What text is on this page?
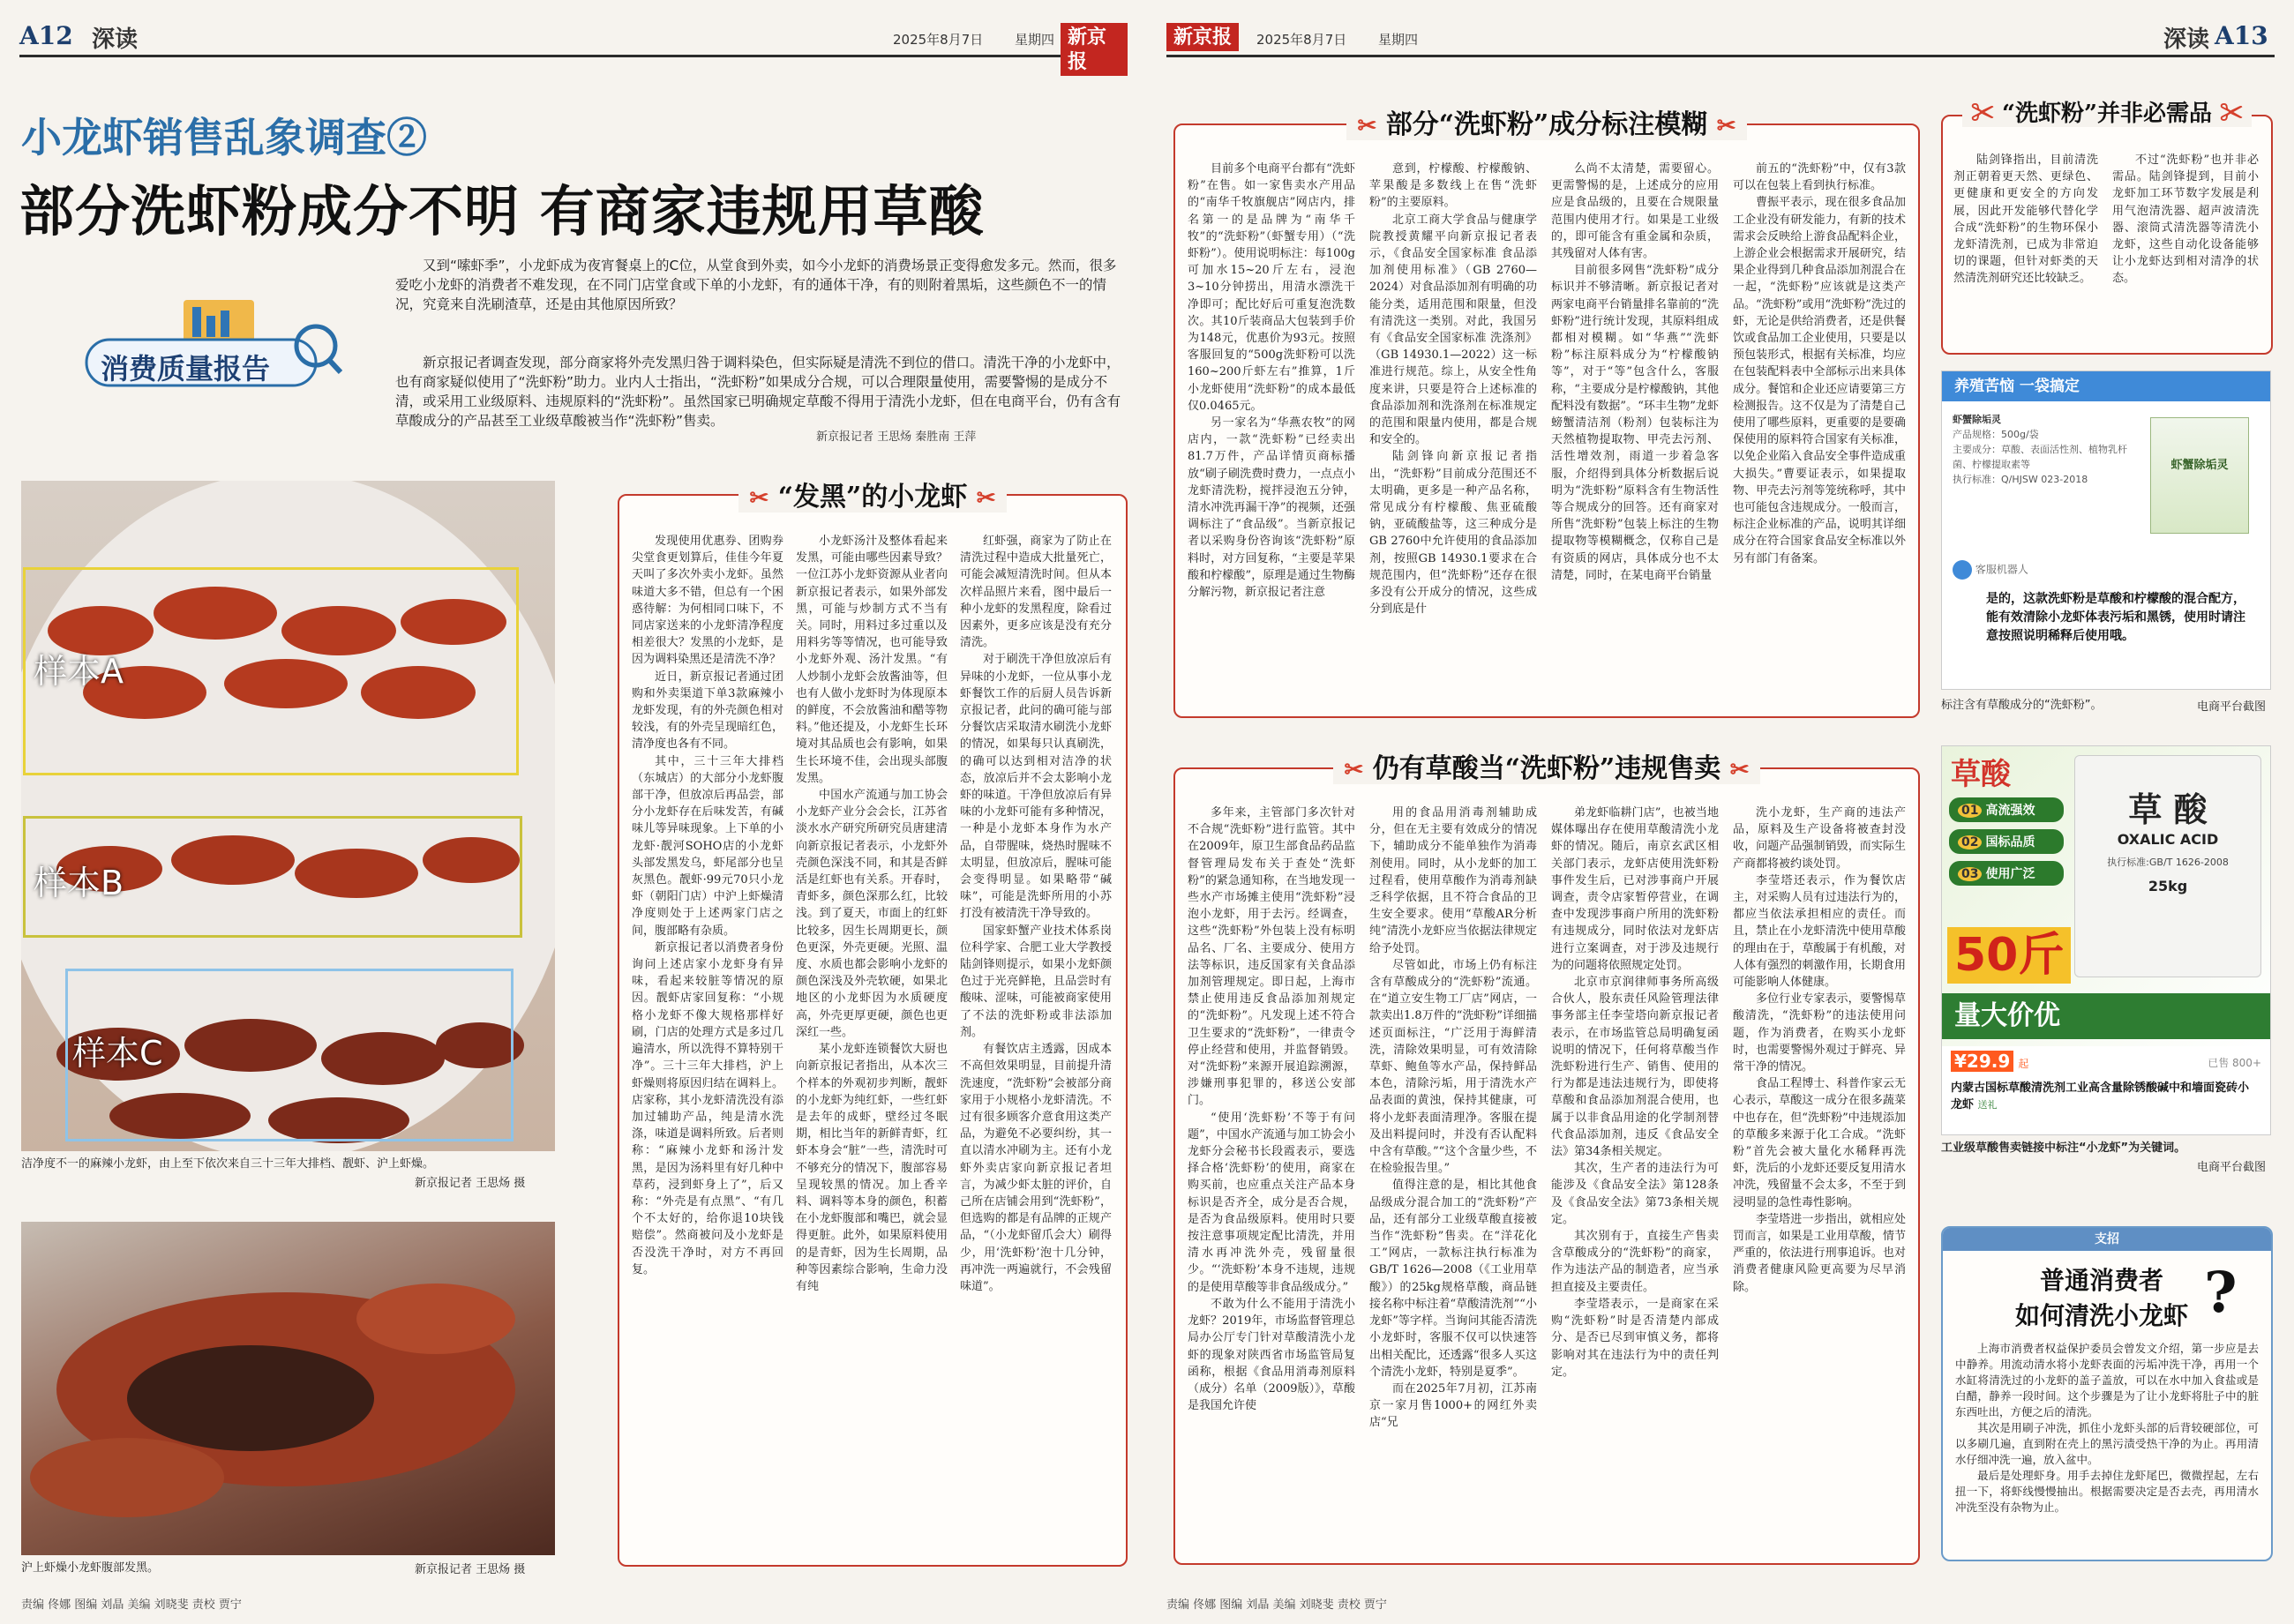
A12 深读	2025年8月7日 星期四 新京报
小龙虾销售乱象调查②
部分洗虾粉成分不明 有商家违规用草酸
消费质量报告
又到“嗦虾季”，小龙虾成为夜宵餐桌上的C位，从堂食到外卖，如今小龙虾的消费场景正变得愈发多元。然而，很多爱吃小龙虾的消费者不难发现，在不同门店堂食或下单的小龙虾，有的通体干净，有的则附着黑垢，这些颜色不一的情况，究竟来自洗刷渣草，还是由其他原因所致？
新京报记者调查发现，部分商家将外壳发黑归咎于调料染色，但实际疑是清洗不到位的借口。清洗干净的小龙虾中，也有商家疑似使用了“洗虾粉”助力。业内人士指出，“洗虾粉”如果成分合规，可以合理限量使用，需要警惕的是成分不清，或采用工业级原料、违规原料的“洗虾粉”。虽然国家已明确规定草酸不得用于清洗小龙虾，但在电商平台，仍有含有草酸成分的产品甚至工业级草酸被当作“洗虾粉”售卖。
新京报记者 王思炀 秦胜南 王萍
样本A
样本B
样本C
洁净度不一的麻辣小龙虾，由上至下依次来自三十三年大排档、靓虾、沪上虾燥。
新京报记者 王思炀 摄
沪上虾燥小龙虾腹部发黑。	新京报记者 王思炀 摄
✂ “发黑”的小龙虾 ✂

发现使用优惠券、团购券尖堂食更划算后，佳佳今年夏天叫了多次外卖小龙虾。虽然味道大多不错，但总有一个困惑待解：为何相同口味下，不同店家送来的小龙虾清净程度相差很大？发黑的小龙虾，是因为调料染黑还是清洗不净？

近日，新京报记者通过团购和外卖渠道下单3款麻辣小龙虾发现，有的外壳颜色相对较浅，有的外壳呈现暗红色，清净度也各有不同。

其中，三十三年大排档（东城店）的大部分小龙虾腹部干净，但放凉后再品尝，部分小龙虾存在后味发苦，有碱味儿等异味现象。上下单的小龙虾·靓河SOHO店的小龙虾头部发黑发乌，虾尾部分也呈灰黑色。靓虾·99元70只小龙虾（朝阳门店）中沪上虾燥清净度则处于上述两家门店之间，腹部略有杂质。

新京报记者以消费者身份询问上述店家小龙虾身有异味，看起来较脏等情况的原因。靓虾店家回复称：“小规格小龙虾不像大规格那样好刷，门店的处理方式是多过几遍清水，所以洗得不算特别干净”。三十三年大排档，沪上虾燥则将原因归结在调料上。店家称，其小龙虾清洗没有添加过辅助产品，纯是清水洗涤，味道是调料所致。后者则称：“麻辣小龙虾和汤汁发黑，是因为汤料里有好几种中草药，浸到虾身上了”，后又称：“外壳是有点黑”、“有几个不太好的，给你退10块钱赔偿”。然商被问及小龙虾是否没洗干净时，对方不再回复。

小龙虾汤汁及整体看起来发黑，可能由哪些因素导致？一位江苏小龙虾资源从业者向新京报记者表示，如果外部发黑，可能与炒制方式不当有关。同时，用料过多过重以及用料劣等等情况，也可能导致小龙虾外观、汤汁发黑。“有人炒制小龙虾会放酱油等，但也有人做小龙虾时为体现原本的鲜度，不会放酱油和醋等物料。”他还提及，小龙虾生长环境对其品质也会有影响，如果生长环境不佳，会出现头部腹发黑。

中国水产流通与加工协会小龙虾产业分会会长，江苏省淡水水产研究所研究员唐建清向新京报记者表示，小龙虾外壳颜色深浅不同，和其是否鲜活是红虾也有关系。开春时，青虾多，颜色深那么红，比较浅。到了夏天，市面上的红虾比较多，因生长周期更长，颜色更深，外壳更硬。光照、温度、水质也都会影响小龙虾的颜色深浅及外壳软硬，如果北地区的小龙虾因为水质硬度高，外壳更厚更硬，颜色也更深红一些。

某小龙虾连锁餐饮大厨也向新京报记者指出，从本次三个样本的外观初步判断，靓虾的小龙虾为纯红虾，一些红虾是去年的成虾，壁经过冬眠期，相比当年的新鲜青虾，红虾本身会“脏”一些，清洗时可不够充分的情况下，腹部容易呈现较黑的情况。加上香辛料、调料等本身的颜色，积蓄在小龙虾腹部和嘴巴，就会显得更脏。此外，如果原料使用的是青虾，因为生长周期，品种等因素综合影响，生命力没有纯

红虾强，商家为了防止在清洗过程中造成大批量死亡，可能会减短清洗时间。但从本次样品照片来看，图中最后一种小龙虾的发黑程度，除看过因素外，更多应该是没有充分清洗。

对于刷洗干净但放凉后有异味的小龙虾，一位从事小龙虾餐饮工作的后厨人员告诉新京报记者，此问的确可能与部分餐饮店采取清水刷洗小龙虾的情况，如果每只认真刷洗，的确可以达到相对洁净的状态，放凉后并不会太影响小龙虾的味道。干净但放凉后有异味的小龙虾可能有多种情况，一种是小龙虾本身作为水产品，自带腥味，烧热时腥味不太明显，但放凉后，腥味可能会变得明显。如果略带“碱味”，可能是洗虾所用的小苏打没有被清洗干净导致的。

国家虾蟹产业技术体系岗位科学家、合肥工业大学教授陆剑锋则提示，如果小龙虾颜色过于光亮鲜艳，且品尝时有酸味、涩味，可能被商家使用了不法的洗虾粉或非法添加剂。

有餐饮店主透露，因成本不高但效果明显，目前提升清洗速度，“洗虾粉”会被部分商家用于小规格小龙虾清洗。不过有很多顾客介意食用这类产品，为避免不必要纠纷，其一直以清水冲刷为主。还有小龙虾外卖店家向新京报记者坦言，为减少虾太脏的评价，自己所在店铺会用到“洗虾粉”，但选购的都是有品牌的正规产品，“（小龙虾留爪会大）刷得少，用‘洗虾粉’泡十几分钟，再冲洗一两遍就行，不会残留味道”。

责编 佟娜 图编 刘晶 美编 刘晓斐 责校 贾宁
新京报	2025年8月7日 星期四	深读 A13
✂ 部分“洗虾粉”成分标注模糊 ✂

目前多个电商平台都有“洗虾粉”在售。如一家售卖水产用品的“南华千牧旗舰店”网店内，排名第一的是品牌为“南华千牧”的“洗虾粉”（虾蟹专用）（“洗虾粉”）。使用说明标注：每100g可加水15~20斤左右，浸泡3~10分钟捞出，用清水漂洗干净即可；配比好后可重复泡洗数次。其10斤装商品大包装到手价为148元，优惠价为93元。按照客服回复的“500g洗虾粉可以洗160~200斤虾左右”推算，1斤小龙虾使用“洗虾粉”的成本最低仅0.0465元。

另一家名为“华燕农牧”的网店内，一款“洗虾粉”已经卖出81.7万件，产品详情页商标播放“刷子刷洗费时费力，一点点小龙虾清洗粉，搅拌浸泡五分钟，清水冲洗再漏干净”的视频，还强调标注了“食品级”。当新京报记者以采购身份咨询该“洗虾粉”原料时，对方回复称，“主要是苹果酸和柠檬酸”，原理是通过生物酶分解污物，新京报记者注意

意到，柠檬酸、柠檬酸钠、苹果酸是多数线上在售“洗虾粉”的主要原料。

北京工商大学食品与健康学院教授黄耀平向新京报记者表示，《食品安全国家标准 食品添加剂使用标准》（GB 2760—2024）对食品添加剂有明确的功能分类，适用范围和限量，但没有清洗这一类别。对此，我国另有《食品安全国家标准 洗涤剂》（GB 14930.1—2022）这一标准进行规范。综上，从安全性角度来讲，只要是符合上述标准的食品添加剂和洗涤剂在标准规定的范围和限量内使用，都是合规和安全的。

陆剑锋向新京报记者指出，“洗虾粉”目前成分范围还不太明确，更多是一种产品名称，常见成分有柠檬酸、焦亚硫酸钠，亚硫酸盐等，这三种成分是GB 2760中允许使用的食品添加剂，按照GB 14930.1要求在合规范围内，但“洗虾粉”还存在很多没有公开成分的情况，这些成分到底是什

么尚不太清楚，需要留心。更需警惕的是，上述成分的应用应是食品级的，且要在合规限量范围内使用才行。如果是工业级的，即可能含有重金属和杂质，其残留对人体有害。

目前很多网售“洗虾粉”成分标识并不够清晰。新京报记者对两家电商平台销量排名靠前的“洗虾粉”进行统计发现，其原料组成都相对模糊。如“华燕”“洗虾粉”标注原料成分为“柠檬酸钠等”，对于“等”包含什么，客服称，“主要成分是柠檬酸钠，其他配料没有数据”。“环丰生物”龙虾螃蟹清洁剂（粉剂）包装标注为天然植物提取物、甲壳去污剂、活性增效剂，雨道一步着急客服，介绍得到具体分析数据后说明为“洗虾粉”原料含有生物活性等合规成分的回答。还有商家对所售“洗虾粉”包装上标注的生物提取物等模糊概念，仅称自己是有资质的网店，具体成分也不太清楚，同时，在某电商平台销量

前五的“洗虾粉”中，仅有3款可以在包装上看到执行标准。

曹振平表示，现在很多食品加工企业没有研发能力，有新的技术需求会反映给上游食品配料企业，上游企业会根据需求开展研究，结果企业得到几种食品添加剂混合在一起，“洗虾粉”应该就是这类产品。“洗虾粉”或用“洗虾粉”洗过的虾，无论是供给消费者，还是供餐饮或食品加工企业使用，只要是以预包装形式，根据有关标准，均应在包装配料表中全部标示出来具体成分。餐馆和企业还应请要第三方检测报告。这不仅是为了清楚自己使用了哪些原料，更重要的是要确保使用的原料符合国家有关标准，以免企业陷入食品安全事件造成重大损失。”曹要证表示，如果提取物、甲壳去污剂等笼统称呼，其中也可能包含违规成分。一般而言，标注企业标准的产品，说明其详细成分在符合国家食品安全标准以外另有部门有备案。

✂ 仍有草酸当“洗虾粉”违规售卖 ✂

多年来，主管部门多次针对不合规“洗虾粉”进行监管。其中在2009年，原卫生部食品药品监督管理局发布关于查处“洗虾粉”的紧急通知称，在当地发现一些水产市场摊主使用“洗虾粉”浸泡小龙虾，用于去污。经调查，这些“洗虾粉”外包装上没有标明品名、厂名、主要成分、使用方法等标识，违反国家有关食品添加剂管理规定。即日起，上海市禁止使用违反食品添加剂规定的“洗虾粉”。凡发现上述不符合卫生要求的“洗虾粉”，一律责令停止经营和使用，并监督销毁。对“洗虾粉”来源开展追踪溯源，涉嫌刑事犯罪的，移送公安部门。

“使用‘洗虾粉’不等于有问题”，中国水产流通与加工协会小龙虾分会秘书长段霞表示，要选择合格‘洗虾粉’的使用，商家在购买前，也应重点关注产品本身标识是否齐全，成分是否合规，是否为食品级原料。使用时只要按注意事项规定配比清洗，并用清水再冲洗外壳，残留量很少。“‘洗虾粉’本身不违规，违规的是使用草酸等非食品级成分。”

不敢为什么不能用于清洗小龙虾？2019年，市场监督管理总局办公厅专门针对草酸清洗小龙虾的现象对陕西省市场监管局复函称，根据《食品用消毒剂原料（成分）名单（2009版）》，草酸是我国允许使

用的食品用消毒剂辅助成分，但在无主要有效成分的情况下，辅助成分不能单独作为消毒剂使用。同时，从小龙虾的加工过程看，使用草酸作为消毒剂缺乏科学依据，且不符合食品的卫生安全要求。使用“草酸AR分析纯”清洗小龙虾应当依据法律规定给予处罚。

尽管如此，市场上仍有标注含有草酸成分的“洗虾粉”流通。在“道立安生物工厂店”网店，一款卖出1.8万件的“洗虾粉”详细描述页面标注，“广泛用于海鲜清洗，清除效果明显，可有效清除草虾、鲍鱼等水产品，保持鲜品本色，清除污垢，用于清洗水产品表面的黄浊，保持其健康，可将小龙虾表面清理净。客服在提及出料提问时，并没有否认配料中含有草酸。”“这个含量少些，不在检验报告里。”

值得注意的是，相比其他食品级成分混合加工的“洗虾粉”产品，还有部分工业级草酸直接被当作“洗虾粉”售卖。在“洋花化工”网店，一款标注执行标准为GB/T 1626—2008（《工业用草酸》）的25kg规格草酸，商品链接名称中标注着“草酸清洗剂”“小龙虾”等字样。当询问其能否清洗小龙虾时，客服不仅可以快速答出相关配比，还透露“很多人买这个清洗小龙虾，特别是夏季”。

而在2025年7月初，江苏南京一家月售1000+的网红外卖店“兄

弟龙虾临耕门店”，也被当地媒体曝出存在使用草酸清洗小龙虾的情况。随后，南京玄武区相关部门表示，龙虾店使用洗虾粉事件发生后，已对涉事商户开展调查，责令店家暂停营业，在调查中发现涉事商户所用的洗虾粉有违规成分，同时依法对龙虾店进行立案调查，对于涉及违规行为的问题将依照规定处罚。

北京市京润律师事务所高级合伙人，股东责任风险管理法律事务部主任李莹塔向新京报记者表示，在市场监管总局明确复函说明的情况下，任何将草酸当作洗虾粉进行生产、销售、使用的行为都是违法违规行为，即使将草酸和食品添加剂混合使用，也属于以非食品用途的化学制剂替代食品添加剂，违反《食品安全法》第34条相关规定。

其次，生产者的违法行为可能涉及《食品安全法》第128条及《食品安全法》第73条相关规定。

其次别有于，直接生产售卖含草酸成分的“洗虾粉”的商家，作为违法产品的制造者，应当承担直接及主要责任。

李莹塔表示，一是商家在采购“洗虾粉”时是否清楚内部成分、是否已尽到审慎义务，都将影响对其在违法行为中的责任判定。

洗小龙虾，生产商的违法产品，原料及生产设备将被查封没收，问题产品强制销毁，而实际生产商都将被约谈处罚。

李莹塔还表示，作为餐饮店主，对采购人员有过违法行为的，都应当依法承担相应的责任。而且，禁止在小龙虾清洗中使用草酸的理由在于，草酸属于有机酸，对人体有强烈的刺激作用，长期食用可能影响人体健康。

多位行业专家表示，要警惕草酸清洗，“洗虾粉”的违法使用问题，作为消费者，在购买小龙虾时，也需要警惕外观过于鲜亮、异常干净的情况。

食品工程博士、科普作家云无心表示，草酸这一成分在很多蔬菜中也存在，但“洗虾粉”中违规添加的草酸多来源于化工合成。“洗虾粉”首先会被大量化水稀释再洗虾，洗后的小龙虾还要反复用清水冲洗，残留量不会太多，不至于到浸明显的急性毒性影响。

李莹塔进一步指出，就相应处罚而言，如果是工业用草酸，情节严重的，依法进行刑事追诉。也对消费者健康风险更高要为尽早消除。

✂ “洗虾粉”并非必需品 ✂

陆剑锋指出，目前清洗剂正朝着更天然、更绿色、更健康和更安全的方向发展，因此开发能够代替化学合成“洗虾粉”的生物环保小龙虾清洗剂，已成为非常迫切的课题，但针对虾类的天然清洗剂研究还比较缺乏。

不过“洗虾粉”也并非必需品。陆剑锋提到，目前小龙虾加工环节数字发展是利用气泡清洗器、超声波清洗器、滚筒式清洗器等清洗小龙虾，这些自动化设备能够让小龙虾达到相对清净的状态。

养殖苦恼 一袋搞定
虾蟹除垢灵
产品规格：500g/袋
主要成分：草酸、表面活性剂、植物乳杆菌、柠檬提取素等
执行标准：Q/HJSW 023-2018
虾蟹除垢灵
客服机器人
是的，这款洗虾粉是草酸和柠檬酸的混合配方，能有效清除小龙虾体表污垢和黑锈，使用时请注意按照说明稀释后使用哦。
标注含有草酸成分的“洗虾粉”。	电商平台截图
草酸
01 高流强效
02 国标品质
03 使用广泛
草 酸
OXALIC ACID
执行标准:GB/T 1626-2008
25kg
50斤
量大价优
¥29.9 起	已售 800+
内蒙古国标草酸清洗剂工业高含量除锈酸碱中和墙面瓷砖小龙虾 送礼
工业级草酸售卖链接中标注“小龙虾”为关键词。
电商平台截图
支招
普通消费者
如何清洗小龙虾 ?

上海市消费者权益保护委员会曾发文介绍，第一步应是去中静养。用流动清水将小龙虾表面的污垢冲洗干净，再用一个水缸将清洗过的小龙虾的盖子盖放，可以在水中加入食盐或是白醋，静养一段时间。这个步骤是为了让小龙虾将肚子中的脏东西吐出，方便之后的清洗。

其次是用刷子冲洗，抓住小龙虾头部的后背较硬部位，可以多刷几遍，直到附在壳上的黑污渍受热干净的为止。再用清水仔细冲洗一遍，放入盆中。

最后是处理虾身。用手去掉住龙虾尾巴，微微捏起，左右扭一下，将虾线慢慢抽出。根据需要决定是否去壳，再用清水冲洗至没有杂物为止。

责编 佟娜 图编 刘晶 美编 刘晓斐 责校 贾宁
